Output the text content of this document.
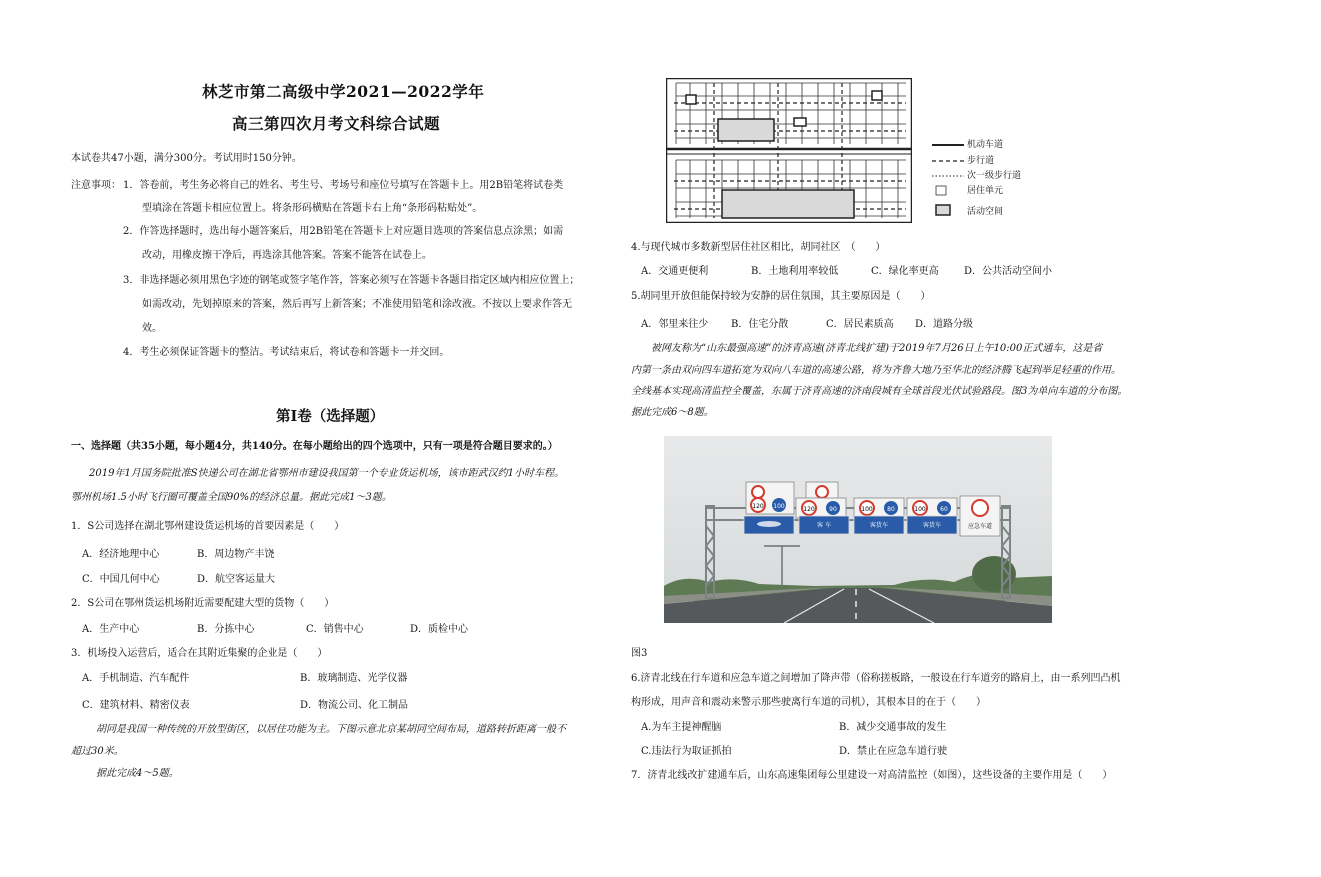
林芝市第二高级中学2021—2022学年
高三第四次月考文科综合试题
本试卷共47小题，满分300分。考试用时150分钟。
注意事项： 1．答卷前，考生务必将自己的姓名、考生号、考场号和座位号填写在答题卡上。用2B铅笔将试卷类
型填涂在答题卡相应位置上。将条形码横贴在答题卡右上角“条形码粘贴处”。
2．作答选择题时，选出每小题答案后，用2B铅笔在答题卡上对应题目选项的答案信息点涂黑；如需
改动，用橡皮擦干净后，再选涂其他答案。答案不能答在试卷上。
3．非选择题必须用黑色字迹的钢笔或签字笔作答，答案必须写在答题卡各题目指定区域内相应位置上；
如需改动，先划掉原来的答案，然后再写上新答案；不准使用铅笔和涂改液。不按以上要求作答无
效。
4．考生必须保证答题卡的整洁。考试结束后，将试卷和答题卡一并交回。
第Ⅰ卷（选择题）
一、选择题（共35小题，每小题4分，共140分。在每小题给出的四个选项中，只有一项是符合题目要求的。）
2019年1月国务院批准S快递公司在湖北省鄂州市建设我国第一个专业货运机场，该市距武汉约1小时车程。
鄂州机场1.5小时飞行圈可覆盖全国90%的经济总量。据此完成1～3题。
1．S公司选择在湖北鄂州建设货运机场的首要因素是（　　）
A．经济地理中心	B．周边物产丰饶
C．中国几何中心	D．航空客运量大
2．S公司在鄂州货运机场附近需要配建大型的货物（　　）
A．生产中心	B．分拣中心	C．销售中心	D．质检中心
3．机场投入运营后，适合在其附近集聚的企业是（　　）
A．手机制造、汽车配件	B．玻璃制造、光学仪器
C．建筑材料、精密仪表	D．物流公司、化工制品
胡同是我国一种传统的开放型街区，以居住功能为主。下图示意北京某胡同空间布局，道路转折距离一般不
超过30米。
据此完成4～5题。
机动车道
步行道
次一级步行道
居住单元
活动空间
4.与现代城市多数新型居住社区相比，胡同社区　（　　）
A．交通更便利	B．土地利用率较低	C．绿化率更高	D．公共活动空间小
5.胡同里开放但能保持较为安静的居住氛围，其主要原因是（　　）
A．邻里来往少 B．住宅分散	C．居民素质高 D．道路分级
被网友称为“山东最强高速”的济青高速(济青北线扩建)于2019年7月26日上午10:00正式通车，这是省
内第一条由双向四车道拓宽为双向八车道的高速公路，将为齐鲁大地乃至华北的经济腾飞起到举足轻重的作用。
全线基本实现高清监控全覆盖，东属于济青高速的济南段城有全球首段光伏试验路段。图3为单向车道的分布图。
据此完成6～8题。
120 100	120 90	100 80	100 60
客 车	客货车	客货车	应急车道
图3
6.济青北线在行车道和应急车道之间增加了降声带（俗称搓板路，一般设在行车道旁的路肩上，由一系列凹凸机
构形成，用声音和震动来警示那些驶离行车道的司机），其根本目的在于（　　）
A.为车主提神醒脑	B．减少交通事故的发生
C.违法行为取证抓拍	D．禁止在应急车道行驶
7．济青北线改扩建通车后，山东高速集团每公里建设一对高清监控（如图），这些设备的主要作用是（　　）
